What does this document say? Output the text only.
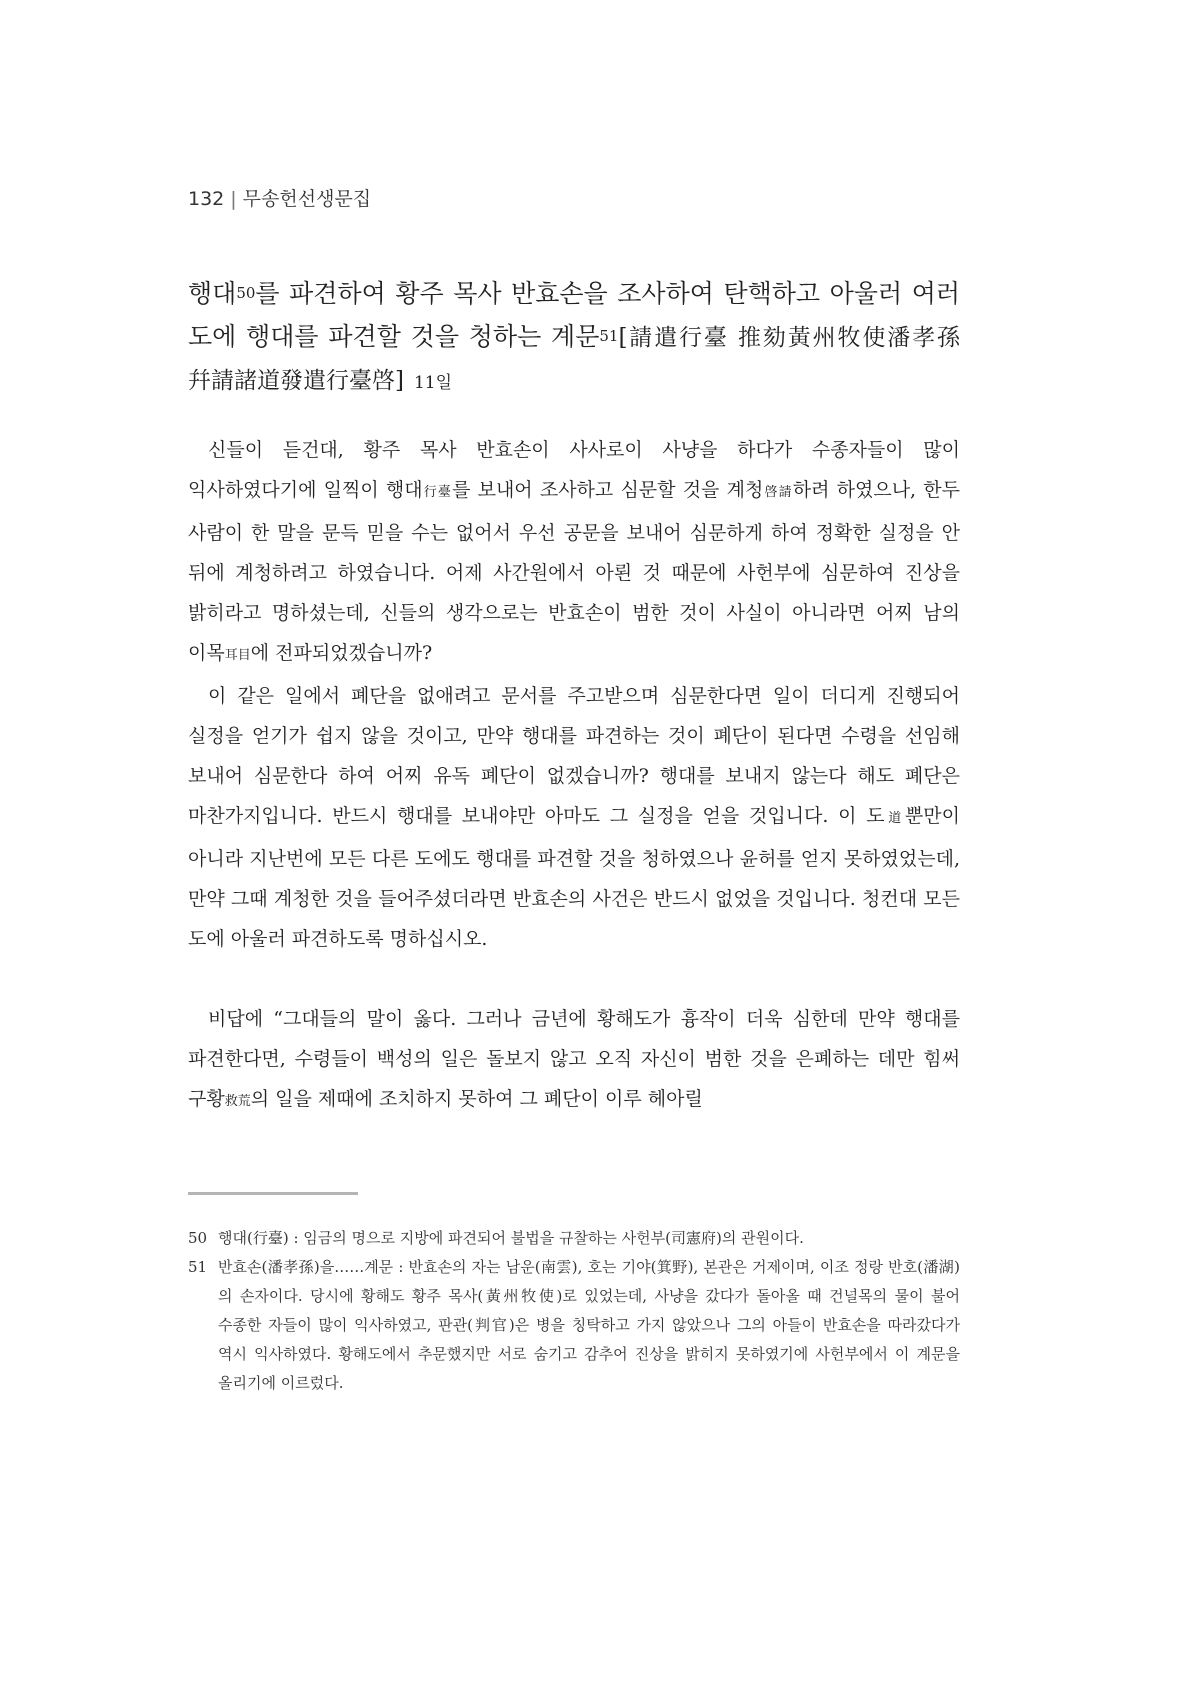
132 | 무송헌선생문집
행대50를 파견하여 황주 목사 반효손을 조사하여 탄핵하고 아울러 여러 도에 행대를 파견할 것을 청하는 계문51[請遣行臺 推劾黃州牧使潘孝孫 幷請諸道發遣行臺啓] 11일

신들이 듣건대, 황주 목사 반효손이 사사로이 사냥을 하다가 수종자들이 많이 익사하였다기에 일찍이 행대行臺를 보내어 조사하고 심문할 것을 계청啓請하려 하였으나, 한두 사람이 한 말을 문득 믿을 수는 없어서 우선 공문을 보내어 심문하게 하여 정확한 실정을 안 뒤에 계청하려고 하였습니다. 어제 사간원에서 아뢴 것 때문에 사헌부에 심문하여 진상을 밝히라고 명하셨는데, 신들의 생각으로는 반효손이 범한 것이 사실이 아니라면 어찌 남의 이목耳目에 전파되었겠습니까?

이 같은 일에서 폐단을 없애려고 문서를 주고받으며 심문한다면 일이 더디게 진행되어 실정을 얻기가 쉽지 않을 것이고, 만약 행대를 파견하는 것이 폐단이 된다면 수령을 선임해 보내어 심문한다 하여 어찌 유독 폐단이 없겠습니까? 행대를 보내지 않는다 해도 폐단은 마찬가지입니다. 반드시 행대를 보내야만 아마도 그 실정을 얻을 것입니다. 이 도道뿐만이 아니라 지난번에 모든 다른 도에도 행대를 파견할 것을 청하였으나 윤허를 얻지 못하였었는데, 만약 그때 계청한 것을 들어주셨더라면 반효손의 사건은 반드시 없었을 것입니다. 청컨대 모든 도에 아울러 파견하도록 명하십시오.

비답에 “그대들의 말이 옳다. 그러나 금년에 황해도가 흉작이 더욱 심한데 만약 행대를 파견한다면, 수령들이 백성의 일은 돌보지 않고 오직 자신이 범한 것을 은폐하는 데만 힘써 구황救荒의 일을 제때에 조치하지 못하여 그 폐단이 이루 헤아릴

50 행대(行臺) : 임금의 명으로 지방에 파견되어 불법을 규찰하는 사헌부(司憲府)의 관원이다.
51 반효손(潘孝孫)을……계문 : 반효손의 자는 남운(南雲), 호는 기야(箕野), 본관은 거제이며, 이조 정랑 반호(潘湖)의 손자이다. 당시에 황해도 황주 목사(黃州牧使)로 있었는데, 사냥을 갔다가 돌아올 때 건널목의 물이 불어 수종한 자들이 많이 익사하였고, 판관(判官)은 병을 칭탁하고 가지 않았으나 그의 아들이 반효손을 따라갔다가 역시 익사하였다. 황해도에서 추문했지만 서로 숨기고 감추어 진상을 밝히지 못하였기에 사헌부에서 이 계문을 올리기에 이르렀다.
